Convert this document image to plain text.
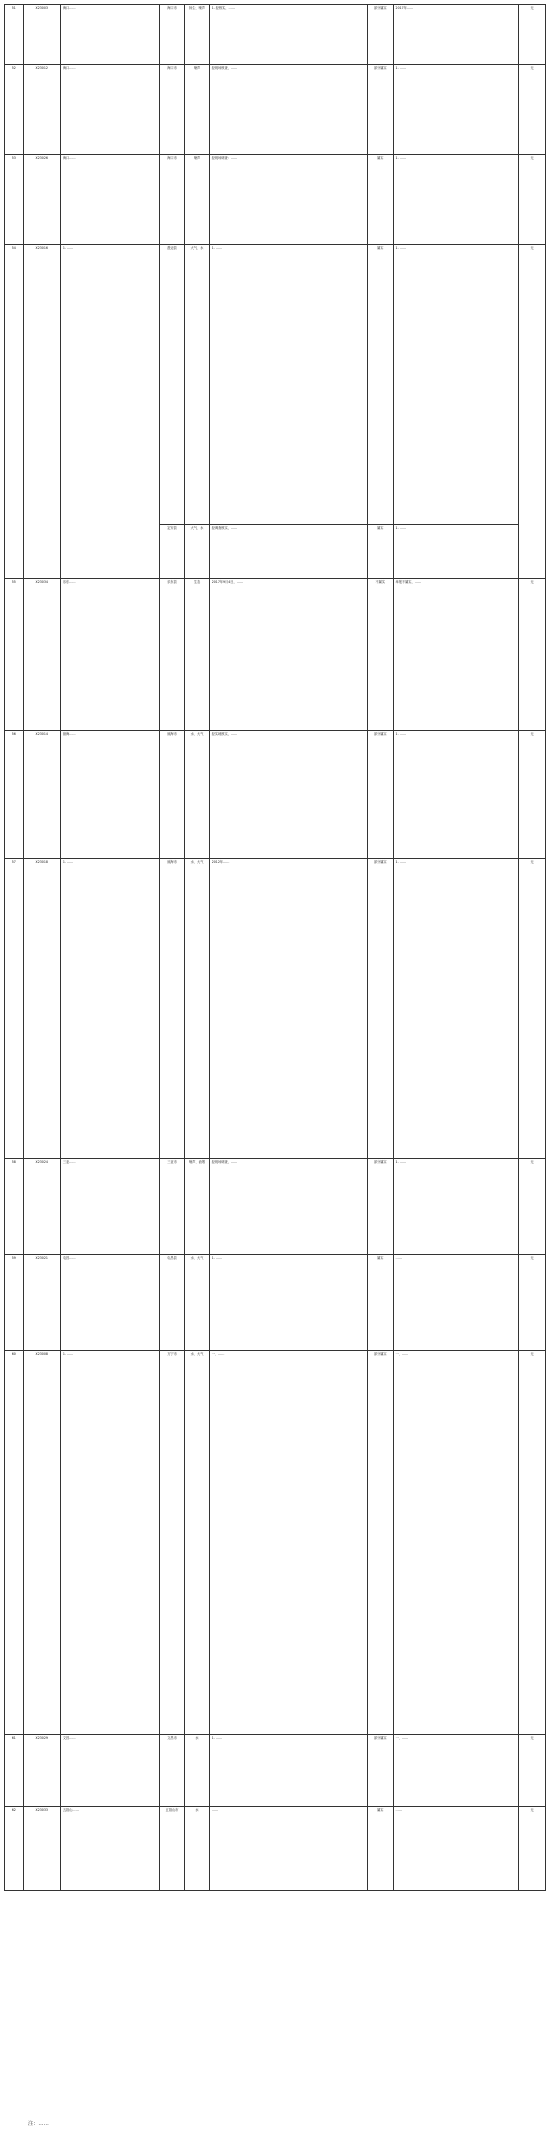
51	X23003	海口……	海口市	扬尘、噪声	1. 经核实，……	部分属实	2017年……	无
52	X23012	海口……	海口市	噪声	经现场核查，……	部分属实	1. ……	无
53	X23026	海口……	海口市	噪声	经现场调查：……	属实	1. ……	无
54	X23016	1. ……	澄迈县	大气、水	1. ……	属实	1. ……	无
			定安县	大气、水	经调查核实，……	属实	1. ……	
55	X23034	乐东……	乐东县	生态	2017年9月4日，……	不属实	举报不属实，……	无
56	X23014	琼海……	琼海市	水、大气	经实地核实，……	部分属实	1. ……	无
57	X23018	1. ……	琼海市	水、大气	2012年……	部分属实	1. ……	无
58	X23024	三亚……	三亚市	噪声、油烟	经现场调查，……	部分属实	1. ……	无
59	X23021	屯昌……	屯昌县	水、大气	1. ……	属实	……	无
60	X23008	1. ……	万宁市	水、大气	一、……	部分属实	一、……	无
61	X23029	文昌……	文昌市	水	1. ……	部分属实	一、……	无
62	X23033	五指山……	五指山市	水	……	属实	……	无
注：……
